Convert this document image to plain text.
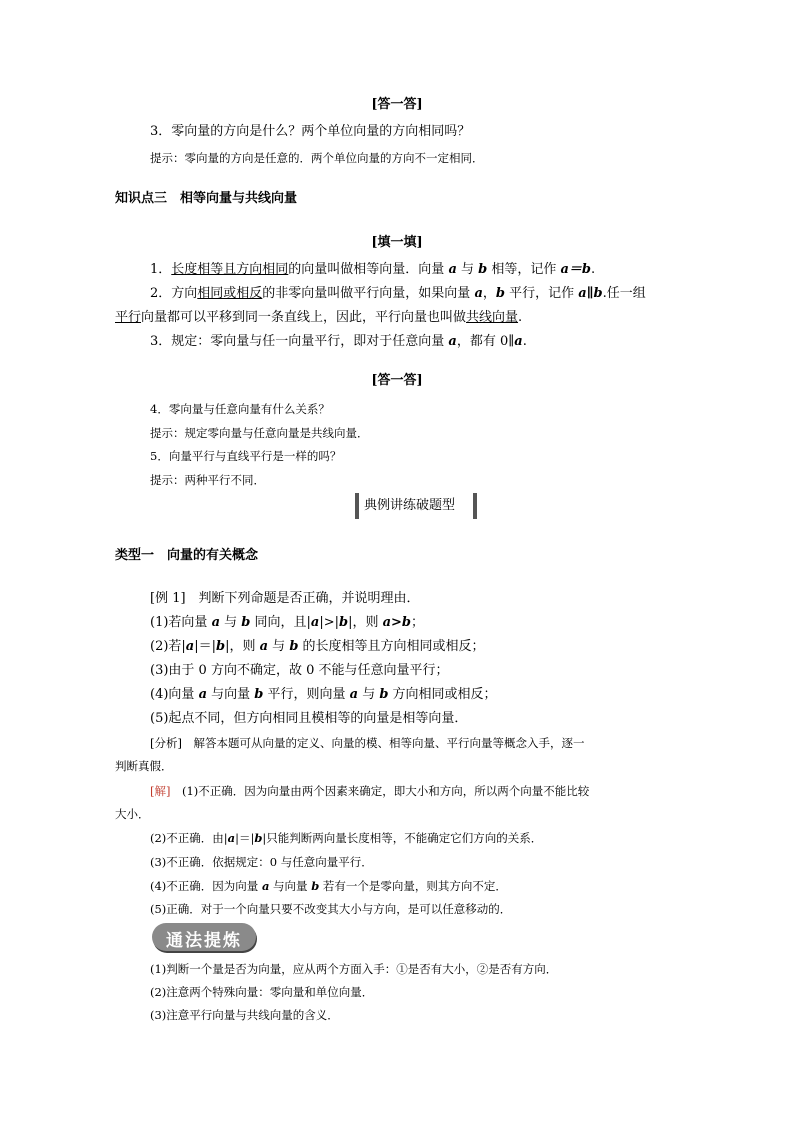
[答一答]
3．零向量的方向是什么？两个单位向量的方向相同吗？
提示：零向量的方向是任意的．两个单位向量的方向不一定相同．
知识点三　相等向量与共线向量
[填一填]
1．长度相等且方向相同的向量叫做相等向量．向量 a 与 b 相等，记作 a＝b.
2．方向相同或相反的非零向量叫做平行向量，如果向量 a，b 平行，记作 a∥b.任一组
平行向量都可以平移到同一条直线上，因此，平行向量也叫做共线向量.
3．规定：零向量与任一向量平行，即对于任意向量 a，都有 0∥a.
[答一答]
4．零向量与任意向量有什么关系？
提示：规定零向量与任意向量是共线向量．
5．向量平行与直线平行是一样的吗？
提示：两种平行不同．
典例讲练破题型
类型一　向量的有关概念
[例 1]　判断下列命题是否正确，并说明理由．
(1)若向量 a 与 b 同向，且|a|>|b|，则 a>b；
(2)若|a|＝|b|，则 a 与 b 的长度相等且方向相同或相反；
(3)由于 0 方向不确定，故 0 不能与任意向量平行；
(4)向量 a 与向量 b 平行，则向量 a 与 b 方向相同或相反；
(5)起点不同，但方向相同且模相等的向量是相等向量．
[分析]　解答本题可从向量的定义、向量的模、相等向量、平行向量等概念入手，逐一
判断真假．
[解]　(1)不正确．因为向量由两个因素来确定，即大小和方向，所以两个向量不能比较
大小．
(2)不正确．由|a|＝|b|只能判断两向量长度相等，不能确定它们方向的关系．
(3)不正确．依据规定：0 与任意向量平行．
(4)不正确．因为向量 a 与向量 b 若有一个是零向量，则其方向不定．
(5)正确．对于一个向量只要不改变其大小与方向，是可以任意移动的．
通法提炼
(1)判断一个量是否为向量，应从两个方面入手：①是否有大小，②是否有方向．
(2)注意两个特殊向量：零向量和单位向量．
(3)注意平行向量与共线向量的含义．
